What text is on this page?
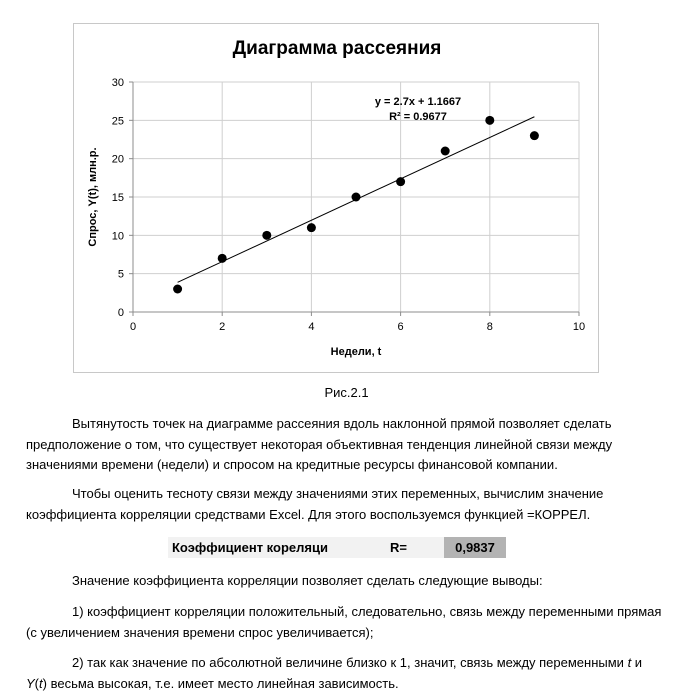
Диаграмма рассеяния
0	2	4	6	8	10
0
5
10
15
20
25
30
Недели, t
Спрос, Y(t), млн.р.
y = 2.7x + 1.1667
R² = 0.9677
Рис.2.1

Вытянутость точек на диаграмме рассеяния вдоль наклонной прямой позволяет сделать предположение о том, что существует некоторая объективная тенденция линейной связи между значениями времени (недели) и спросом на кредитные ресурсы финансовой компании.

Чтобы оценить тесноту связи между значениями этих переменных, вычислим значение коэффициента корреляции средствами Excel. Для этого воспользуемся функцией =КОРРЕЛ.

Коэффициент кореляци	R=	0,9837

Значение коэффициента корреляции позволяет сделать следующие выводы:

1) коэффициент корреляции положительный, следовательно, связь между переменными прямая (с увеличением значения времени спрос увеличивается);

2) так как значение по абсолютной величине близко к 1, значит, связь между переменными t и Y(t) весьма высокая, т.е. имеет место линейная зависимость.
